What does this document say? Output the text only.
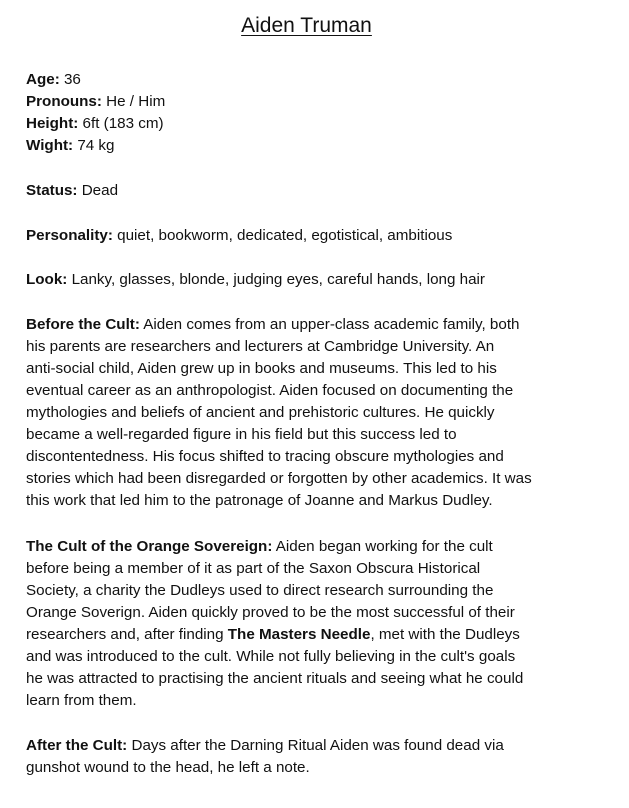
Aiden Truman
Age: 36
Pronouns: He / Him
Height: 6ft (183 cm)
Wight: 74 kg
Status: Dead
Personality: quiet, bookworm, dedicated, egotistical, ambitious
Look: Lanky, glasses, blonde, judging eyes, careful hands, long hair
Before the Cult: Aiden comes from an upper-class academic family, both
his parents are researchers and lecturers at Cambridge University. An
anti-social child, Aiden grew up in books and museums. This led to his
eventual career as an anthropologist. Aiden focused on documenting the
mythologies and beliefs of ancient and prehistoric cultures. He quickly
became a well-regarded figure in his field but this success led to
discontentedness. His focus shifted to tracing obscure mythologies and
stories which had been disregarded or forgotten by other academics. It was
this work that led him to the patronage of Joanne and Markus Dudley.
The Cult of the Orange Sovereign: Aiden began working for the cult
before being a member of it as part of the Saxon Obscura Historical
Society, a charity the Dudleys used to direct research surrounding the
Orange Soverign. Aiden quickly proved to be the most successful of their
researchers and, after finding The Masters Needle, met with the Dudleys
and was introduced to the cult. While not fully believing in the cult's goals
he was attracted to practising the ancient rituals and seeing what he could
learn from them.
After the Cult: Days after the Darning Ritual Aiden was found dead via
gunshot wound to the head, he left a note.
